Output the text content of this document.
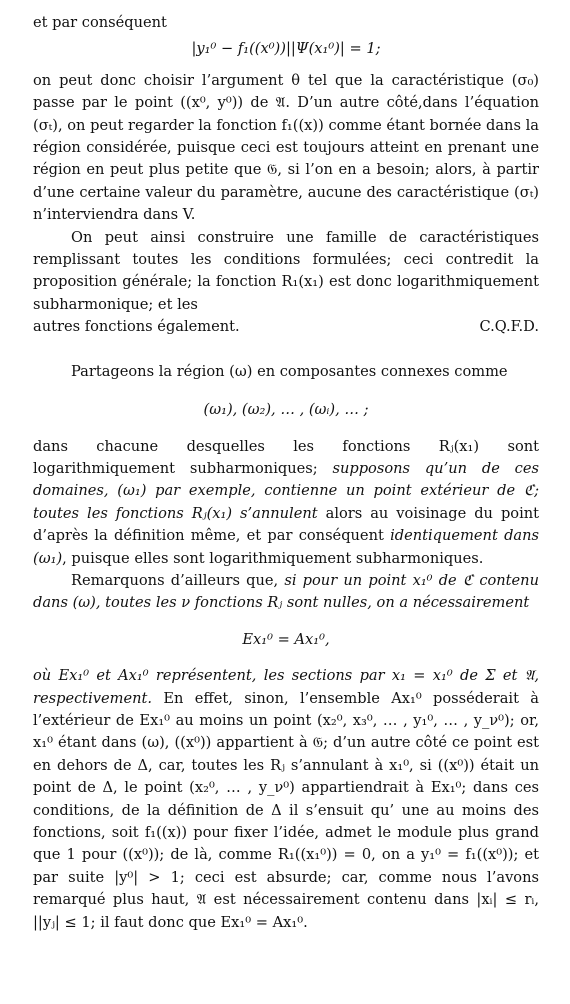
et par conséquent

|y₁⁰ − f₁((x⁰))||Ψ(x₁⁰)| = 1;

on peut donc choisir l’argument θ tel que la caractéristique (σ₀) passe par le point ((x⁰, y⁰)) de 𝔄. D’un autre côté,dans l’équation (σₜ), on peut regarder la fonction f₁((x)) comme étant bornée dans la région considérée, puisque ceci est toujours atteint en prenant une région en peut plus petite que 𝔊, si l’on en a besoin; alors, à partir d’une certaine valeur du paramètre, aucune des caractéristique (σₜ) n’interviendra dans V.

On peut ainsi construire une famille de caractéristiques remplissant toutes les conditions formulées; ceci contredit la proposition générale; la fonction R₁(x₁) est donc logarithmiquement subharmonique; et les

autres fonctions également.	C.Q.F.D.

Partageons la région (ω) en composantes connexes comme

(ω₁), (ω₂), … , (ωᵢ), … ;

dans chacune desquelles les fonctions Rⱼ(x₁) sont logarithmiquement subharmoniques; supposons qu’un de ces domaines, (ω₁) par exemple, contienne un point extérieur de ℭ; toutes les fonctions Rⱼ(x₁) s’annulent alors au voisinage du point d’après la définition même, et par conséquent identiquement dans (ω₁), puisque elles sont logarithmiquement subharmoniques.

Remarquons d’ailleurs que, si pour un point x₁⁰ de ℭ contenu dans (ω), toutes les ν fonctions Rⱼ sont nulles, on a nécessairement

Ex₁⁰ = Ax₁⁰,

où Ex₁⁰ et Ax₁⁰ représentent, les sections par x₁ = x₁⁰ de Σ et 𝔄, respectivement. En effet, sinon, l’ensemble Ax₁⁰ posséderait à l’extérieur de Ex₁⁰ au moins un point (x₂⁰, x₃⁰, … , y₁⁰, … , y_ν⁰); or, x₁⁰ étant dans (ω), ((x⁰)) appartient à 𝔊; d’un autre côté ce point est en dehors de Δ, car, toutes les Rⱼ s’annulant à x₁⁰, si ((x⁰)) était un point de Δ, le point (x₂⁰, … , y_ν⁰) appartiendrait à Ex₁⁰; dans ces conditions, de la définition de Δ il s’ensuit qu’ une au moins des fonctions, soit f₁((x)) pour fixer l’idée, admet le module plus grand que 1 pour ((x⁰)); de là, comme R₁((x₁⁰)) = 0, on a y₁⁰ = f₁((x⁰)); et par suite |y⁰| > 1; ceci est absurde; car, comme nous l’avons remarqué plus haut, 𝔄 est nécessairement contenu dans |xᵢ| ≤ rᵢ, ||yⱼ| ≤ 1; il faut donc que Ex₁⁰ = Ax₁⁰.
